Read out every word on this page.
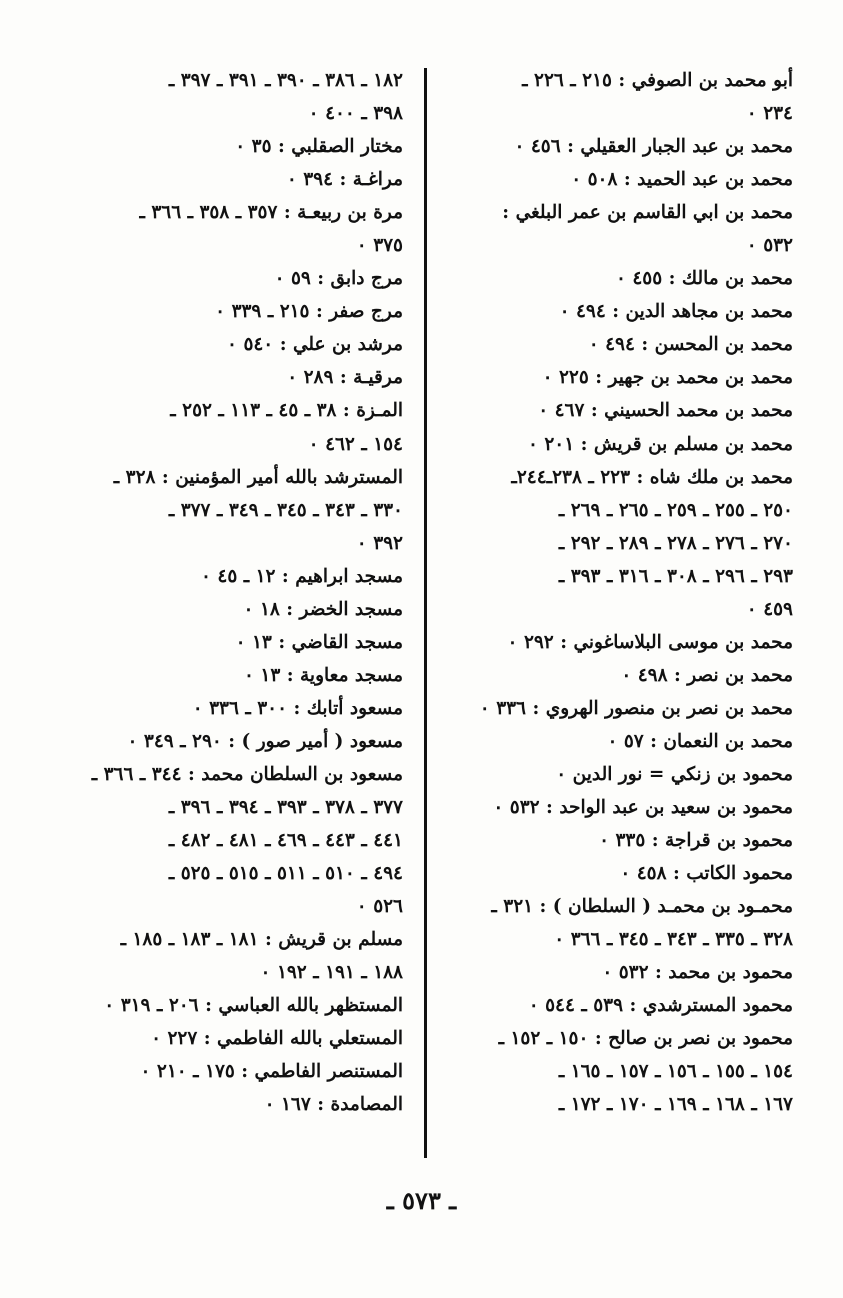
أبو محمد بن الصوفي : ٢١٥ ـ ٢٢٦ ـ
٢٣٤ ٠
محمد بن عبد الجبار العقيلي : ٤٥٦ ٠
محمد بن عبد الحميد : ٥٠٨ ٠
محمد بن ابي القاسم بن عمر البلغي :
٥٣٢ ٠
محمد بن مالك : ٤٥٥ ٠
محمد بن مجاهد الدين : ٤٩٤ ٠
محمد بن المحسن : ٤٩٤ ٠
محمد بن محمد بن جهير : ٢٢٥ ٠
محمد بن محمد الحسيني : ٤٦٧ ٠
محمد بن مسلم بن قريش : ٢٠١ ٠
محمد بن ملك شاه : ٢٢٣ ـ ٢٣٨ـ٢٤٤ـ
٢٥٠ ـ ٢٥٥ ـ ٢٥٩ ـ ٢٦٥ ـ ٢٦٩ ـ
٢٧٠ ـ ٢٧٦ ـ ٢٧٨ ـ ٢٨٩ ـ ٢٩٢ ـ
٢٩٣ ـ ٢٩٦ ـ ٣٠٨ ـ ٣١٦ ـ ٣٩٣ ـ
٤٥٩ ٠
محمد بن موسى البلاساغوني : ٢٩٢ ٠
محمد بن نصر : ٤٩٨ ٠
محمد بن نصر بن منصور الهروي : ٣٣٦ ٠
محمد بن النعمان : ٥٧ ٠
محمود بن زنكي = نور الدين ٠
محمود بن سعيد بن عبد الواحد : ٥٣٢ ٠
محمود بن قراجة : ٣٣٥ ٠
محمود الكاتب : ٤٥٨ ٠
محمـود بن محمـد ( السلطان ) : ٣٢١ ـ
٣٢٨ ـ ٣٣٥ ـ ٣٤٣ ـ ٣٤٥ ـ ٣٦٦ ٠
محمود بن محمد : ٥٣٢ ٠
محمود المسترشدي : ٥٣٩ ـ ٥٤٤ ٠
محمود بن نصر بن صالح : ١٥٠ ـ ١٥٢ ـ
١٥٤ ـ ١٥٥ ـ ١٥٦ ـ ١٥٧ ـ ١٦٥ ـ
١٦٧ ـ ١٦٨ ـ ١٦٩ ـ ١٧٠ ـ ١٧٢ ـ
١٨٢ ـ ٣٨٦ ـ ٣٩٠ ـ ٣٩١ ـ ٣٩٧ ـ
٣٩٨ ـ ٤٠٠ ٠
مختار الصقلبي : ٣٥ ٠
مراغـة : ٣٩٤ ٠
مرة بن ربيعـة : ٣٥٧ ـ ٣٥٨ ـ ٣٦٦ ـ
٣٧٥ ٠
مرج دابق : ٥٩ ٠
مرج صفر : ٢١٥ ـ ٣٣٩ ٠
مرشد بن علي : ٥٤٠ ٠
مرقيـة : ٢٨٩ ٠
المـزة : ٣٨ ـ ٤٥ ـ ١١٣ ـ ٢٥٢ ـ
١٥٤ ـ ٤٦٢ ٠
المسترشد بالله أمير المؤمنين : ٣٢٨ ـ
٣٣٠ ـ ٣٤٣ ـ ٣٤٥ ـ ٣٤٩ ـ ٣٧٧ ـ
٣٩٢ ٠
مسجد ابراهيم : ١٢ ـ ٤٥ ٠
مسجد الخضر : ١٨ ٠
مسجد القاضي : ١٣ ٠
مسجد معاوية : ١٣ ٠
مسعود أتابك : ٣٠٠ ـ ٣٣٦ ٠
مسعود ( أمير صور ) : ٢٩٠ ـ ٣٤٩ ٠
مسعود بن السلطان محمد : ٣٤٤ ـ ٣٦٦ ـ
٣٧٧ ـ ٣٧٨ ـ ٣٩٣ ـ ٣٩٤ ـ ٣٩٦ ـ
٤٤١ ـ ٤٤٣ ـ ٤٦٩ ـ ٤٨١ ـ ٤٨٢ ـ
٤٩٤ ـ ٥١٠ ـ ٥١١ ـ ٥١٥ ـ ٥٢٥ ـ
٥٢٦ ٠
مسلم بن قريش : ١٨١ ـ ١٨٣ ـ ١٨٥ ـ
١٨٨ ـ ١٩١ ـ ١٩٢ ٠
المستظهر بالله العباسي : ٢٠٦ ـ ٣١٩ ٠
المستعلي بالله الفاطمي : ٢٢٧ ٠
المستنصر الفاطمي : ١٧٥ ـ ٢١٠ ٠
المصامدة : ١٦٧ ٠
ـ ٥٧٣ ـ
